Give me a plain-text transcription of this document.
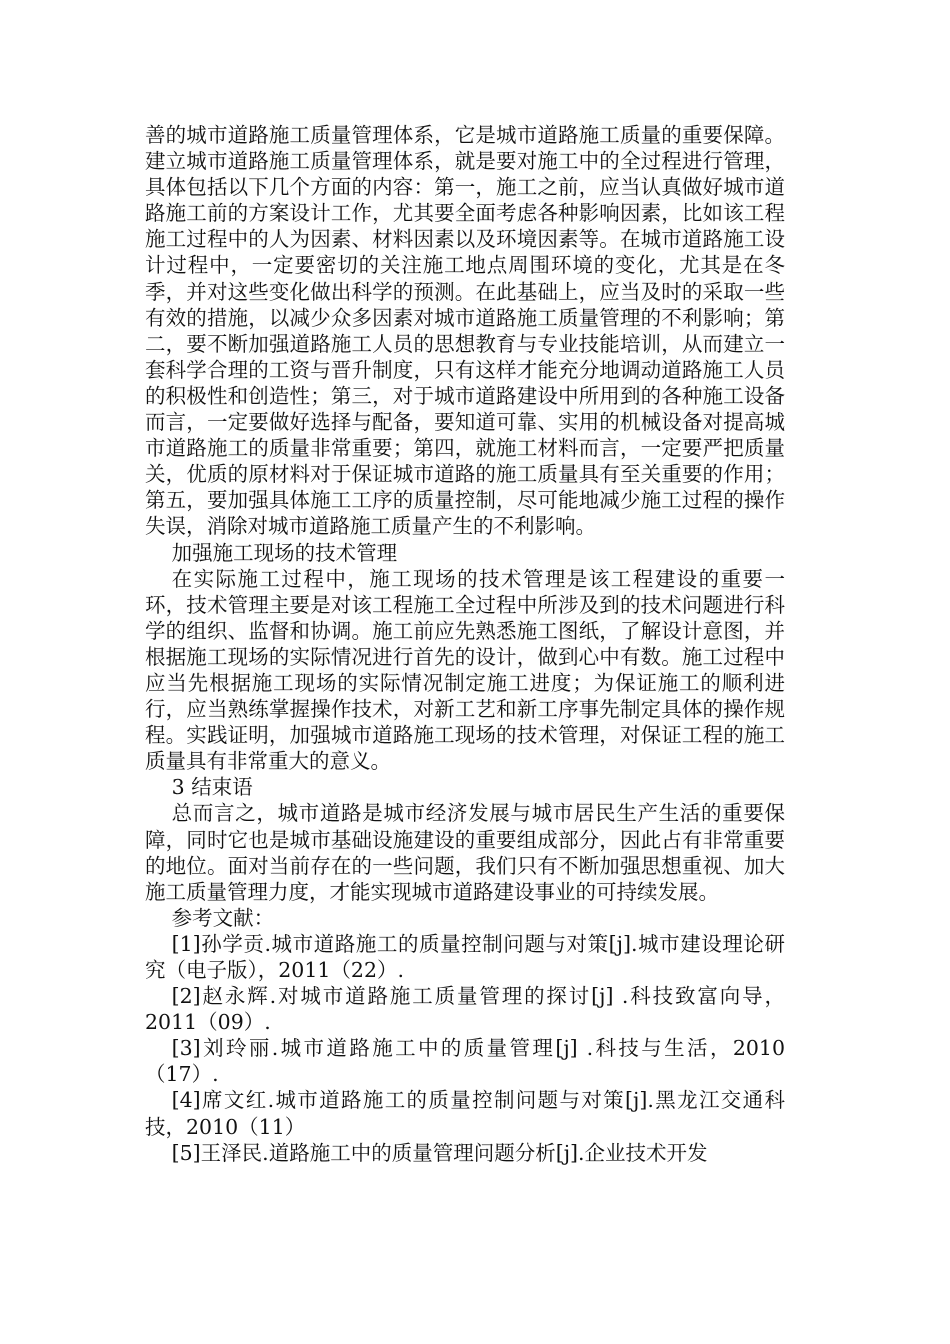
善的城市道路施工质量管理体系，它是城市道路施工质量的重要保障。建立城市道路施工质量管理体系，就是要对施工中的全过程进行管理，具体包括以下几个方面的内容：第一，施工之前，应当认真做好城市道路施工前的方案设计工作，尤其要全面考虑各种影响因素，比如该工程施工过程中的人为因素、材料因素以及环境因素等。在城市道路施工设计过程中，一定要密切的关注施工地点周围环境的变化，尤其是在冬季，并对这些变化做出科学的预测。在此基础上，应当及时的采取一些有效的措施，以减少众多因素对城市道路施工质量管理的不利影响；第二，要不断加强道路施工人员的思想教育与专业技能培训，从而建立一套科学合理的工资与晋升制度，只有这样才能充分地调动道路施工人员的积极性和创造性；第三，对于城市道路建设中所用到的各种施工设备而言，一定要做好选择与配备，要知道可靠、实用的机械设备对提高城市道路施工的质量非常重要；第四，就施工材料而言，一定要严把质量关，优质的原材料对于保证城市道路的施工质量具有至关重要的作用；第五，要加强具体施工工序的质量控制，尽可能地减少施工过程的操作失误，消除对城市道路施工质量产生的不利影响。

加强施工现场的技术管理

在实际施工过程中，施工现场的技术管理是该工程建设的重要一环，技术管理主要是对该工程施工全过程中所涉及到的技术问题进行科学的组织、监督和协调。施工前应先熟悉施工图纸，了解设计意图，并根据施工现场的实际情况进行首先的设计，做到心中有数。施工过程中应当先根据施工现场的实际情况制定施工进度；为保证施工的顺利进行，应当熟练掌握操作技术，对新工艺和新工序事先制定具体的操作规程。实践证明，加强城市道路施工现场的技术管理，对保证工程的施工质量具有非常重大的意义。

3 结束语

总而言之，城市道路是城市经济发展与城市居民生产生活的重要保障，同时它也是城市基础设施建设的重要组成部分，因此占有非常重要的地位。面对当前存在的一些问题，我们只有不断加强思想重视、加大施工质量管理力度，才能实现城市道路建设事业的可持续发展。

参考文献：

[1]孙学贡.城市道路施工的质量控制问题与对策[j].城市建设理论研究（电子版），2011（22）.

[2]赵永辉.对城市道路施工质量管理的探讨[j] .科技致富向导，2011（09）.

[3]刘玲丽.城市道路施工中的质量管理[j] .科技与生活，2010（17）.

[4]席文红.城市道路施工的质量控制问题与对策[j].黑龙江交通科技，2010（11）

[5]王泽民.道路施工中的质量管理问题分析[j].企业技术开发
